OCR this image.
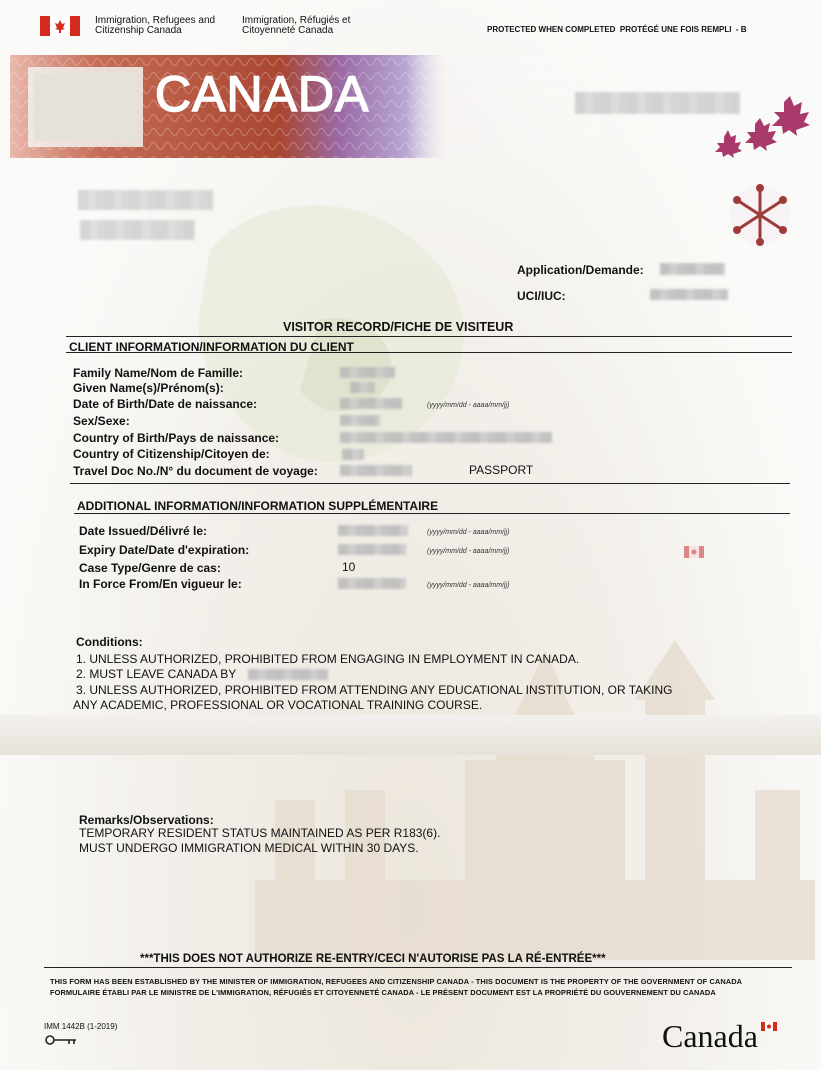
Immigration, Refugees and
Citizenship Canada
Immigration, Réfugiés et
Citoyenneté Canada	PROTECTED WHEN COMPLETED  PROTÉGÉ UNE FOIS REMPLI  - B
CANADA
Application/Demande:
UCI/IUC:
VISITOR RECORD/FICHE DE VISITEUR
CLIENT INFORMATION/INFORMATION DU CLIENT
Family Name/Nom de Famille:
Given Name(s)/Prénom(s):
Date of Birth/Date de naissance:	(yyyy/mm/dd - aaaa/mm/jj)
Sex/Sexe:
Country of Birth/Pays de naissance:
Country of Citizenship/Citoyen de:
Travel Doc No./N° du document de voyage:	PASSPORT
ADDITIONAL INFORMATION/INFORMATION SUPPLÉMENTAIRE
Date Issued/Délivré le:	(yyyy/mm/dd - aaaa/mm/jj)
Expiry Date/Date d'expiration:	(yyyy/mm/dd - aaaa/mm/jj)
Case Type/Genre de cas:	10
In Force From/En vigueur le:	(yyyy/mm/dd - aaaa/mm/jj)
Conditions:
1. UNLESS AUTHORIZED, PROHIBITED FROM ENGAGING IN EMPLOYMENT IN CANADA.
2. MUST LEAVE CANADA BY
3. UNLESS AUTHORIZED, PROHIBITED FROM ATTENDING ANY EDUCATIONAL INSTITUTION, OR TAKING
ANY ACADEMIC, PROFESSIONAL OR VOCATIONAL TRAINING COURSE.
Remarks/Observations:
TEMPORARY RESIDENT STATUS MAINTAINED AS PER R183(6).
MUST UNDERGO IMMIGRATION MEDICAL WITHIN 30 DAYS.
***THIS DOES NOT AUTHORIZE RE-ENTRY/CECI N'AUTORISE PAS LA RÉ-ENTRÉE***
THIS FORM HAS BEEN ESTABLISHED BY THE MINISTER OF IMMIGRATION, REFUGEES AND CITIZENSHIP CANADA - THIS DOCUMENT IS THE PROPERTY OF THE GOVERNMENT OF CANADA
FORMULAIRE ÉTABLI PAR LE MINISTRE DE L'IMMIGRATION, RÉFUGIÉS ET CITOYENNETÉ CANADA - LE PRÉSENT DOCUMENT EST LA PROPRIÉTÉ DU GOUVERNEMENT DU CANADA
IMM 1442B (1-2019)	Canada
